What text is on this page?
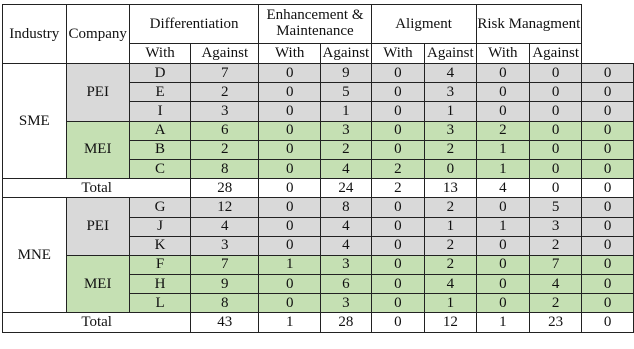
Industry	Company	Differentiation		Enhancement & Maintenance		Aligment		Risk Managment		
		With	Against	With	Against	With	Against	With	Against	
SME	PEI	D	7	0	9	0	4	0	0	0
		E	2	0	5	0	3	0	0	0
		I	3	0	1	0	1	0	0	0
	MEI	A	6	0	3	0	3	2	0	0
		B	2	0	2	0	2	1	0	0
		C	8	0	4	2	0	1	0	0
Total			28	0	24	2	13	4	0	0
MNE	PEI	G	12	0	8	0	2	0	5	0
		J	4	0	4	0	1	1	3	0
		K	3	0	4	0	2	0	2	0
	MEI	F	7	1	3	0	2	0	7	0
		H	9	0	6	0	4	0	4	0
		L	8	0	3	0	1	0	2	0
Total			43	1	28	0	12	1	23	0
